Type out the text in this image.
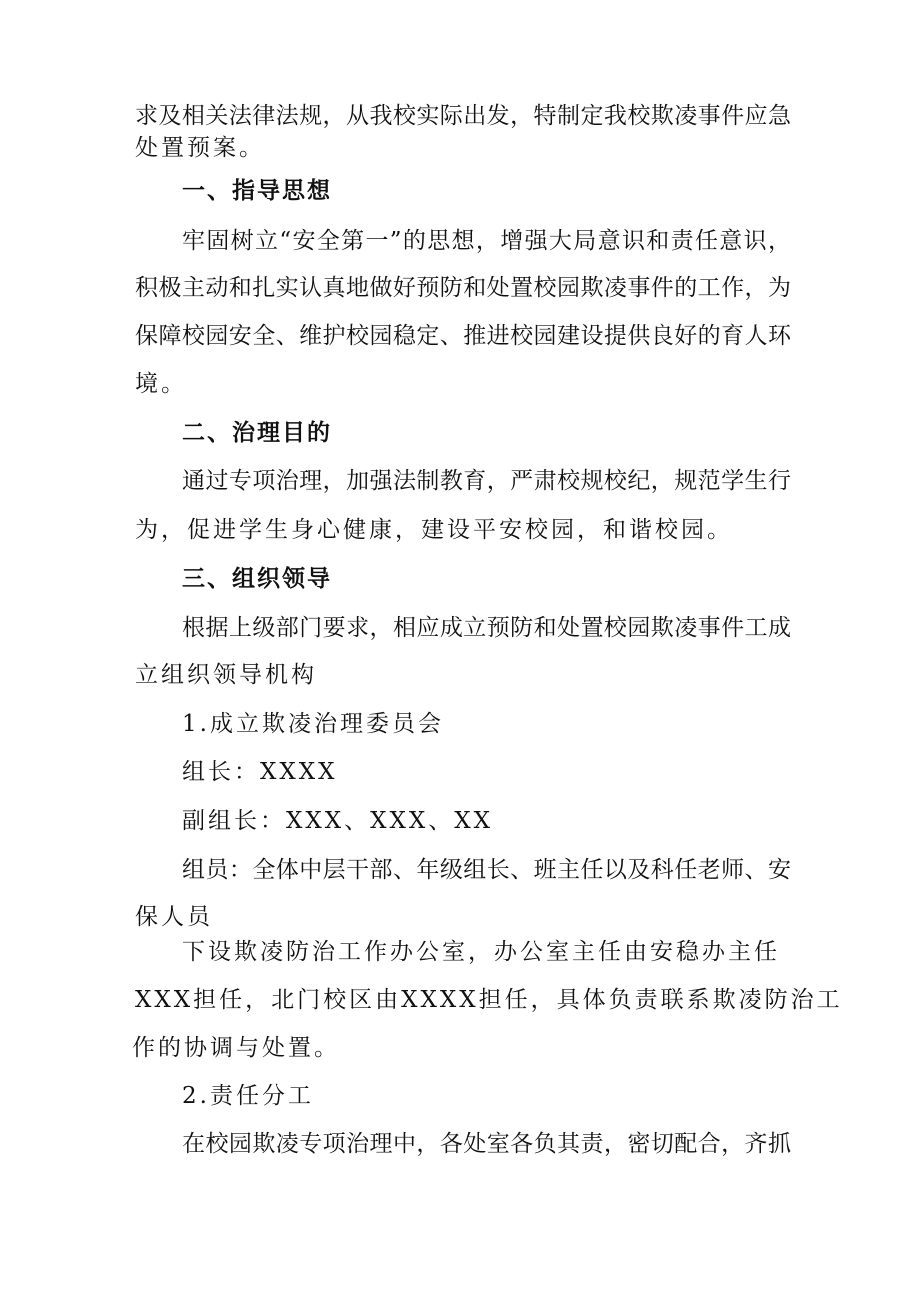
求及相关法律法规，从我校实际出发，特制定我校欺凌事件应急
处置预案。
一、指导思想
牢固树立“安全第一”的思想，增强大局意识和责任意识，
积极主动和扎实认真地做好预防和处置校园欺凌事件的工作，为
保障校园安全、维护校园稳定、推进校园建设提供良好的育人环
境。
二、治理目的
通过专项治理，加强法制教育，严肃校规校纪，规范学生行
为，促进学生身心健康，建设平安校园，和谐校园。
三、组织领导
根据上级部门要求，相应成立预防和处置校园欺凌事件工成
立组织领导机构
1.成立欺凌治理委员会
组长：XXXX
副组长：XXX、XXX、XX
组员：全体中层干部、年级组长、班主任以及科任老师、安
保人员
下设欺凌防治工作办公室，办公室主任由安稳办主任
XXX担任，北门校区由XXXX担任，具体负责联系欺凌防治工
作的协调与处置。
2.责任分工
在校园欺凌专项治理中，各处室各负其责，密切配合，齐抓
